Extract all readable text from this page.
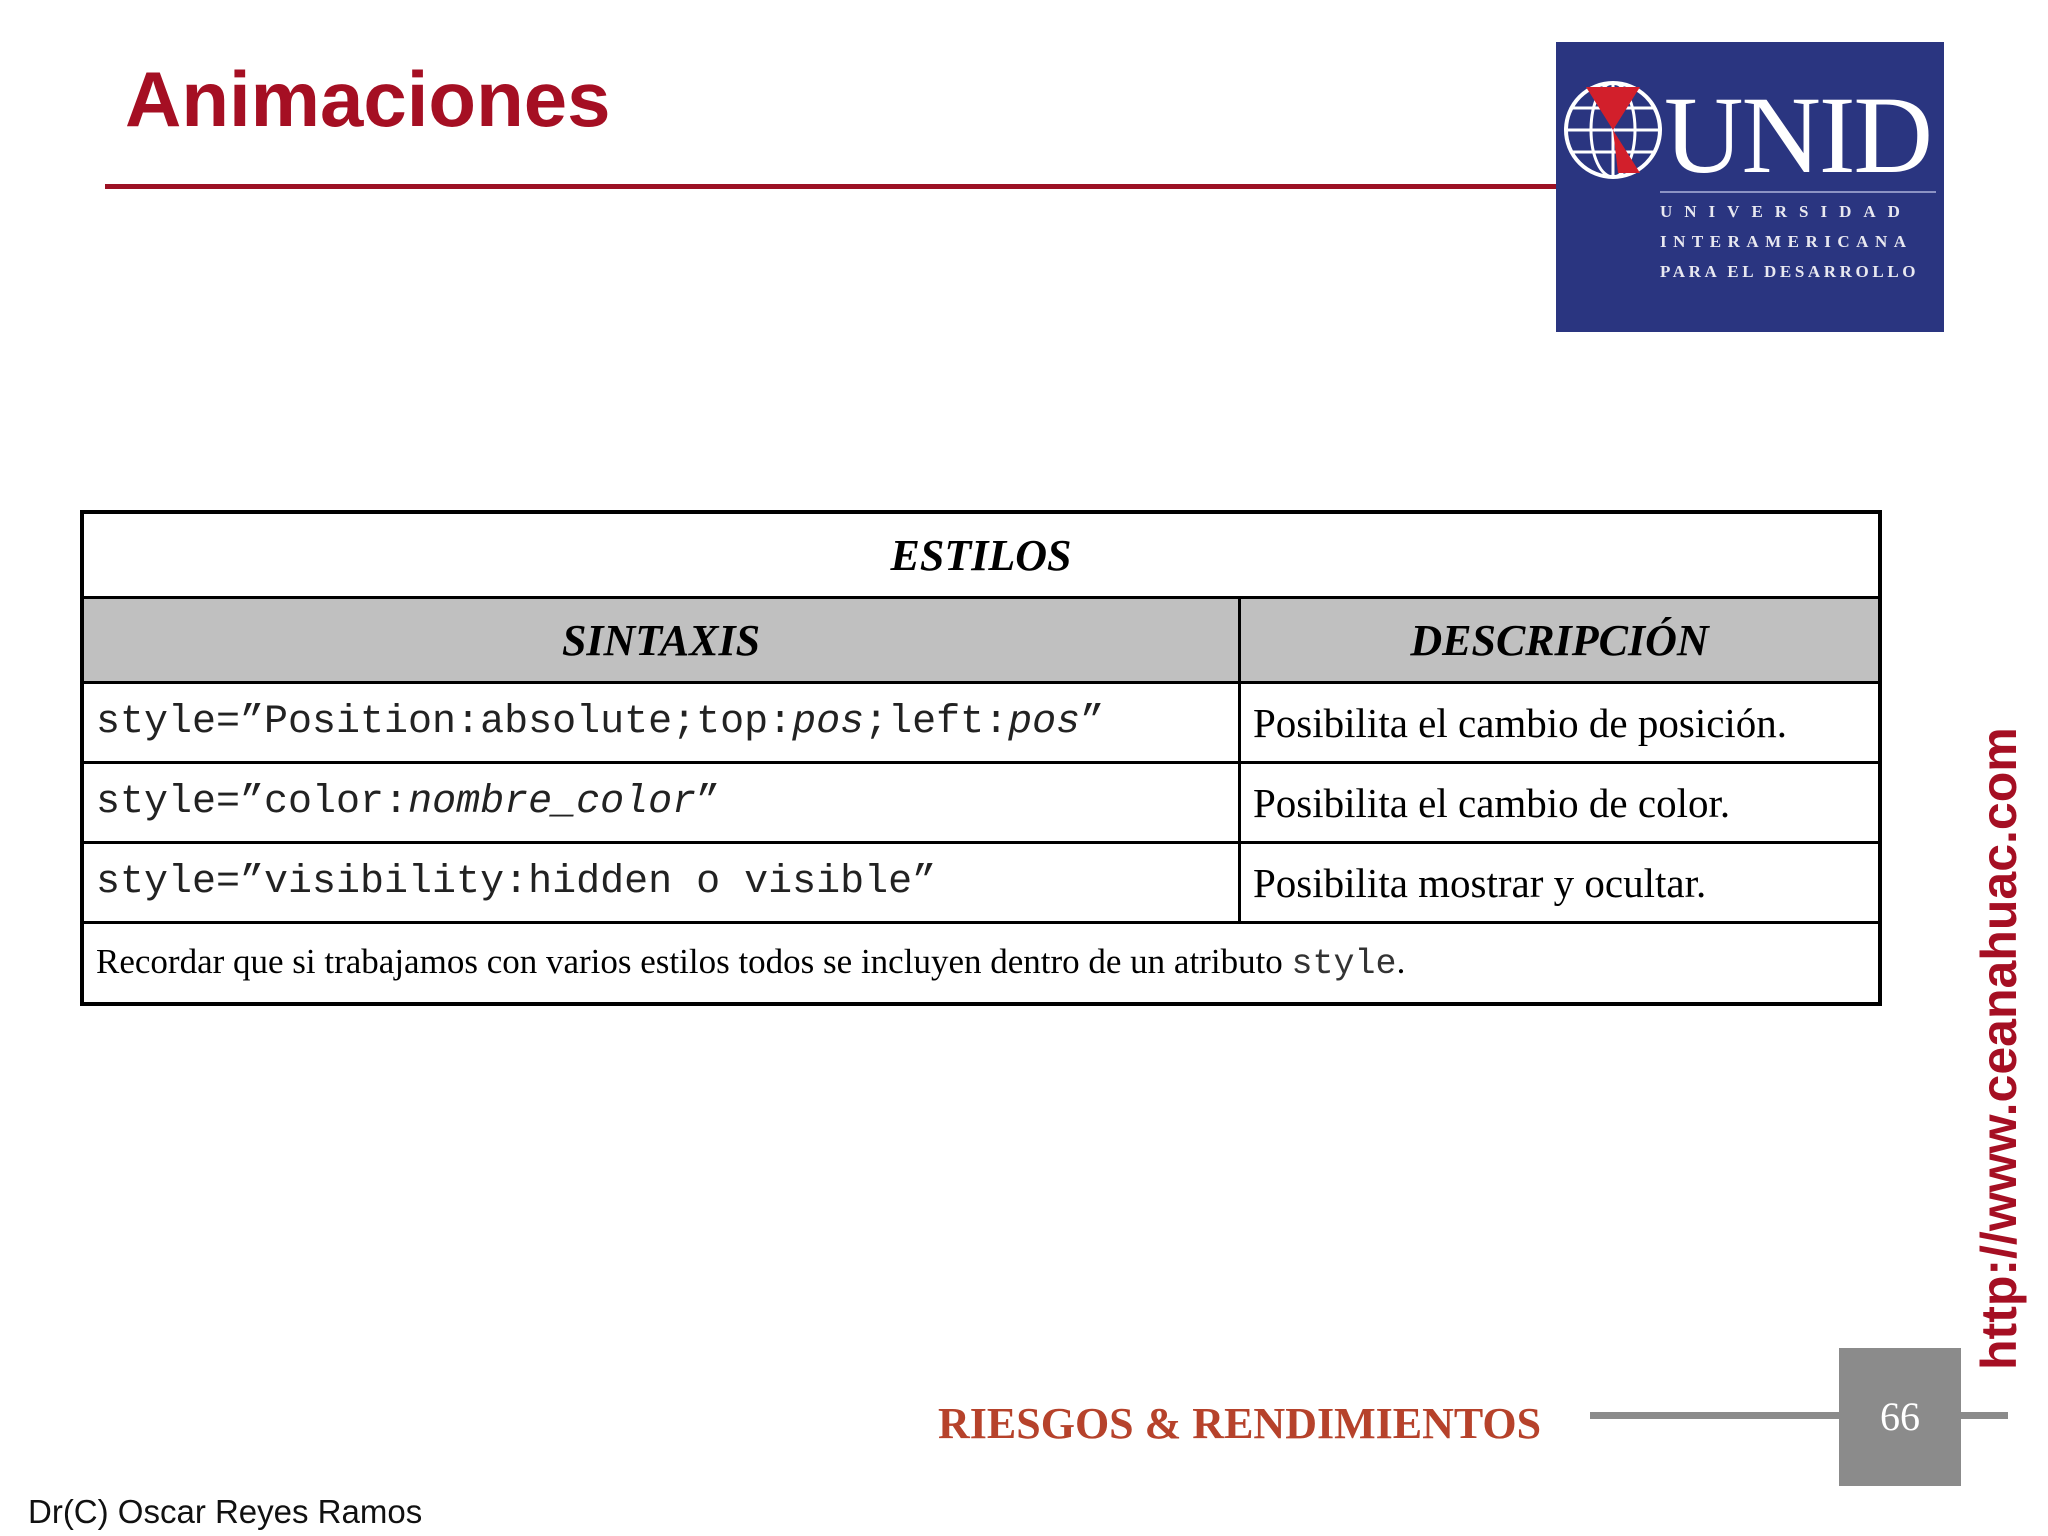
Animaciones	UNID
UNIVERSIDAD
INTERAMERICANA
PARA EL DESARROLLO
ESTILOS	
SINTAXIS	DESCRIPCIÓN
style=”Position:absolute;top:pos;left:pos”	Posibilita el cambio de posición.
style=”color:nombre_color”	Posibilita el cambio de color.
style=”visibility:hidden o visible”	Posibilita mostrar y ocultar.
Recordar que si trabajamos con varios estilos todos se incluyen dentro de un atributo style.		http://www.ceanahuac.com
RIESGOS & RENDIMIENTOS	66
Dr(C) Oscar Reyes Ramos
